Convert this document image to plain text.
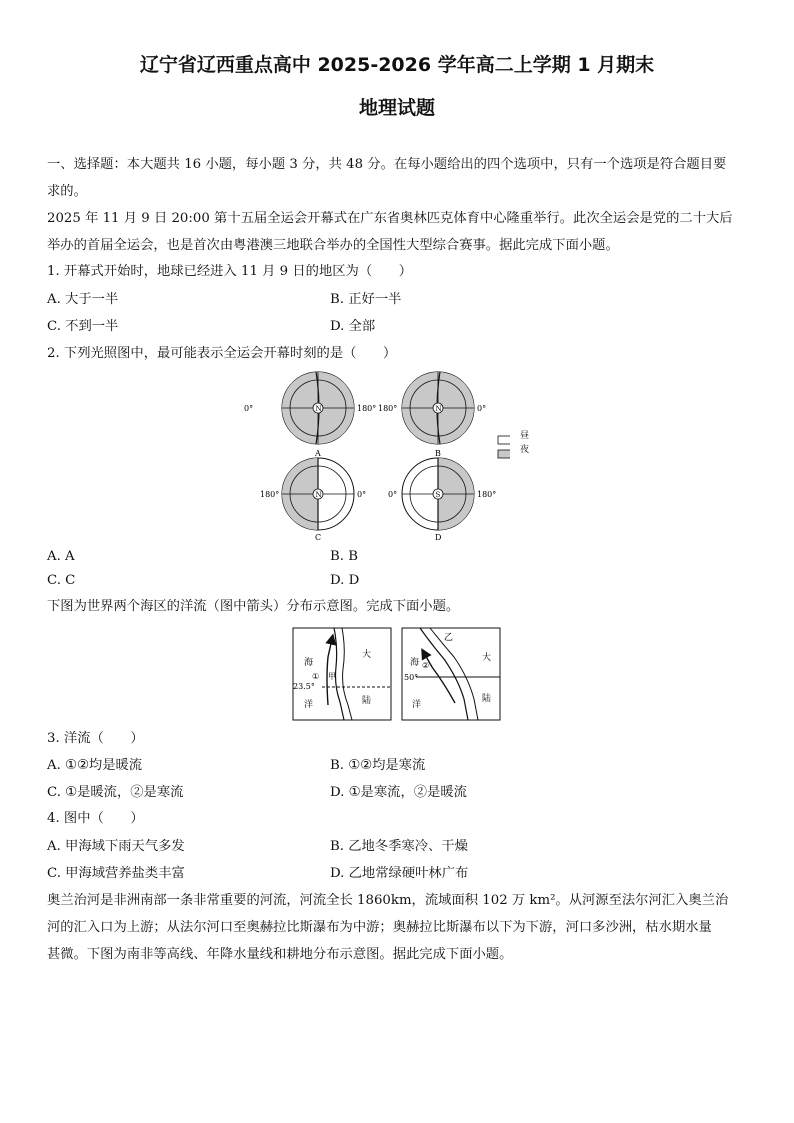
辽宁省辽西重点高中 2025-2026 学年高二上学期 1 月期末
地理试题
一、选择题：本大题共 16 小题，每小题 3 分，共 48 分。在每小题给出的四个选项中，只有一个选项是符合题目要
求的。
2025 年 11 月 9 日 20:00 第十五届全运会开幕式在广东省奥林匹克体育中心隆重举行。此次全运会是党的二十大后
举办的首届全运会，也是首次由粤港澳三地联合举办的全国性大型综合赛事。据此完成下面小题。
1. 开幕式开始时，地球已经进入 11 月 9 日的地区为（　　）
A. 大于一半	B. 正好一半
C. 不到一半	D. 全部
2. 下列光照图中，最可能表示全运会开幕时刻的是（　　）
N
0°	180°
A
N
180°	0°
B
N
180°	0°
C
S
0°	180°
D
昼
夜
A. A	B. B
C. C	D. D
下图为世界两个海区的洋流（图中箭头）分布示意图。完成下面小题。
海
① 甲
23.5°
洋
大
陆
乙
海 ②
50°
洋
大
陆
3. 洋流（　　）
A. ①②均是暖流	B. ①②均是寒流
C. ①是暖流，②是寒流	D. ①是寒流，②是暖流
4. 图中（　　）
A. 甲海域下雨天气多发	B. 乙地冬季寒冷、干燥
C. 甲海域营养盐类丰富	D. 乙地常绿硬叶林广布
奥兰治河是非洲南部一条非常重要的河流，河流全长 1860km，流域面积 102 万 km²。从河源至法尔河汇入奥兰治
河的汇入口为上游；从法尔河口至奥赫拉比斯瀑布为中游；奥赫拉比斯瀑布以下为下游，河口多沙洲，枯水期水量
甚微。下图为南非等高线、年降水量线和耕地分布示意图。据此完成下面小题。
